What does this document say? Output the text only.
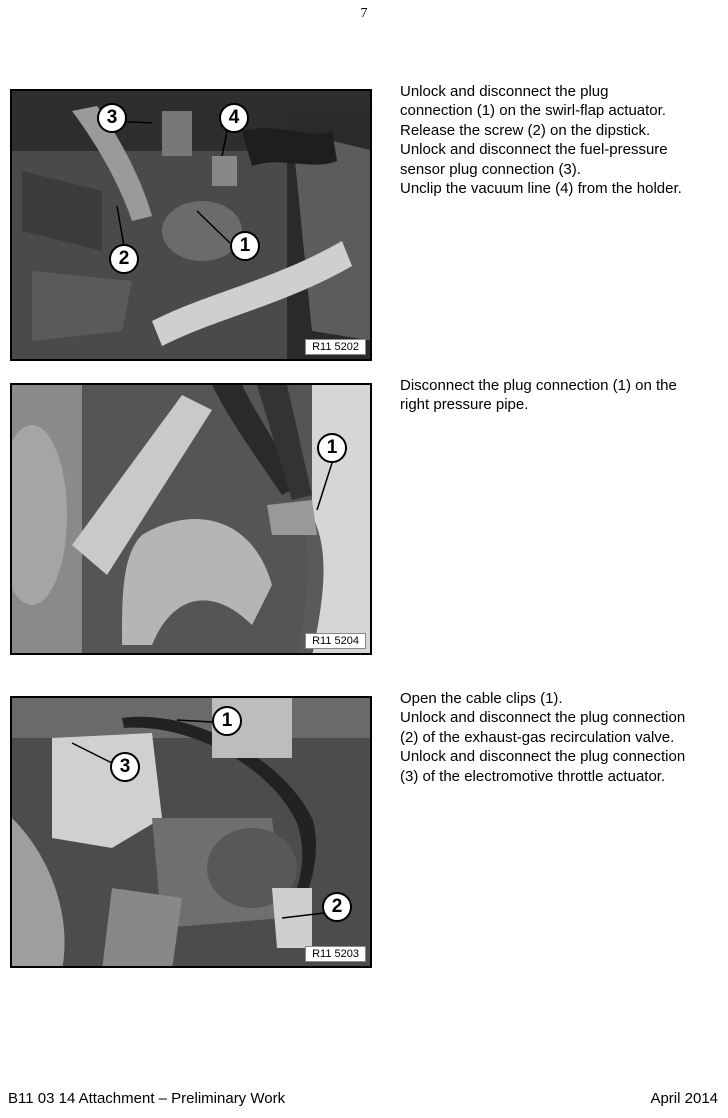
7
1
2
3	4
R11 5202
Unlock and disconnect the plug
connection (1) on the swirl-flap actuator.
Release the screw (2) on the dipstick.
Unlock and disconnect the fuel-pressure
sensor plug connection (3).
Unclip the vacuum line (4) from the holder.
1
R11 5204
Disconnect the plug connection (1) on the
right pressure pipe.
1
3
2
R11 5203
Open the cable clips (1).
Unlock and disconnect the plug connection
(2) of the exhaust-gas recirculation valve.
Unlock and disconnect the plug connection
(3) of the electromotive throttle actuator.
B11 03 14 Attachment – Preliminary Work	April 2014
